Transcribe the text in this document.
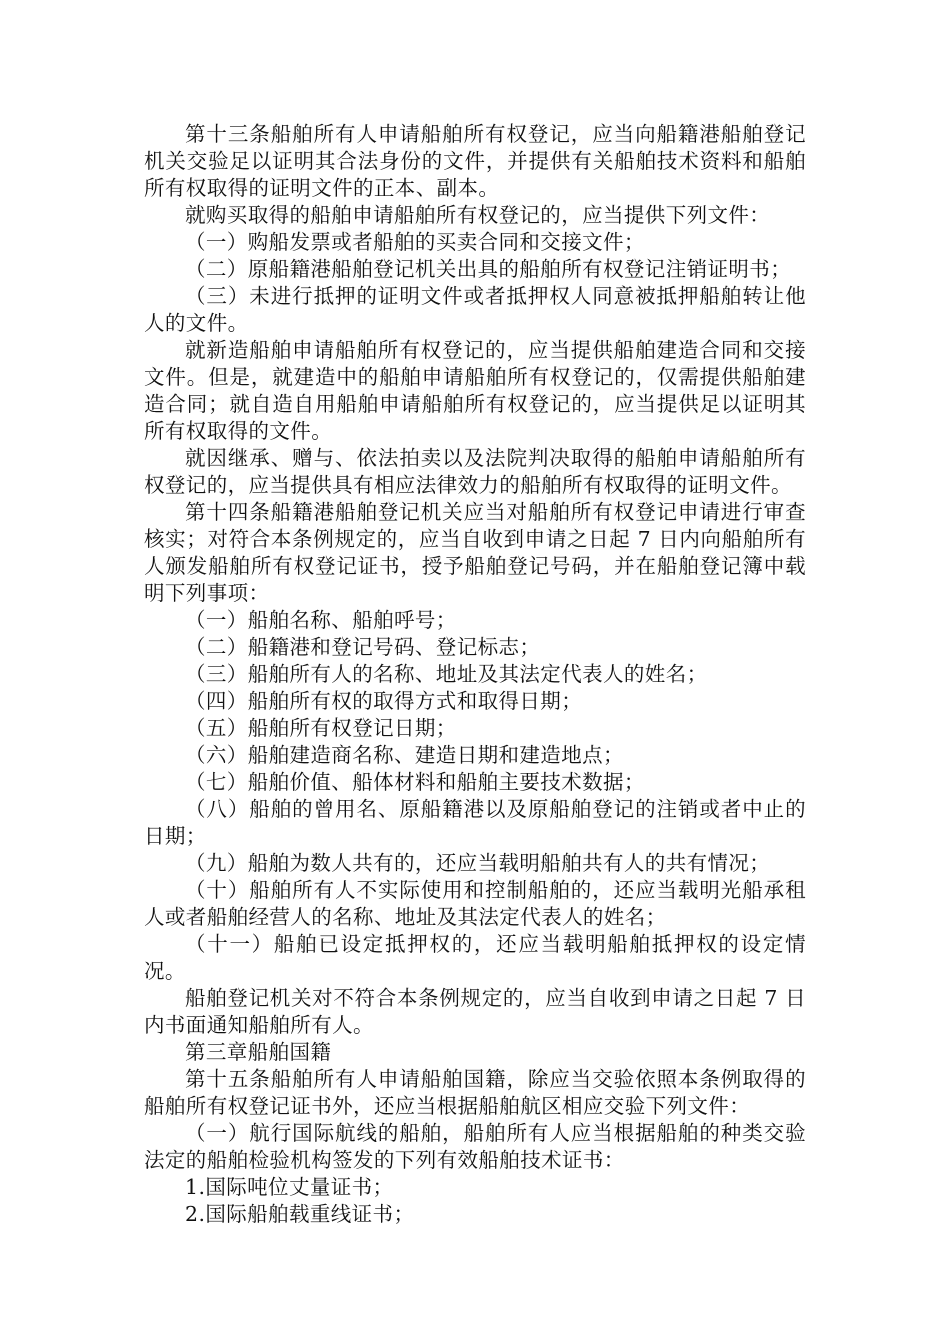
第十三条船舶所有人申请船舶所有权登记，应当向船籍港船舶登记机关交验足以证明其合法身份的文件，并提供有关船舶技术资料和船舶所有权取得的证明文件的正本、副本。

就购买取得的船舶申请船舶所有权登记的，应当提供下列文件：

（一）购船发票或者船舶的买卖合同和交接文件；

（二）原船籍港船舶登记机关出具的船舶所有权登记注销证明书；

（三）未进行抵押的证明文件或者抵押权人同意被抵押船舶转让他人的文件。

就新造船舶申请船舶所有权登记的，应当提供船舶建造合同和交接文件。但是，就建造中的船舶申请船舶所有权登记的，仅需提供船舶建造合同；就自造自用船舶申请船舶所有权登记的，应当提供足以证明其所有权取得的文件。

就因继承、赠与、依法拍卖以及法院判决取得的船舶申请船舶所有权登记的，应当提供具有相应法律效力的船舶所有权取得的证明文件。

第十四条船籍港船舶登记机关应当对船舶所有权登记申请进行审查核实；对符合本条例规定的，应当自收到申请之日起 7 日内向船舶所有人颁发船舶所有权登记证书，授予船舶登记号码，并在船舶登记簿中载明下列事项：

（一）船舶名称、船舶呼号；

（二）船籍港和登记号码、登记标志；

（三）船舶所有人的名称、地址及其法定代表人的姓名；

（四）船舶所有权的取得方式和取得日期；

（五）船舶所有权登记日期；

（六）船舶建造商名称、建造日期和建造地点；

（七）船舶价值、船体材料和船舶主要技术数据；

（八）船舶的曾用名、原船籍港以及原船舶登记的注销或者中止的日期；

（九）船舶为数人共有的，还应当载明船舶共有人的共有情况；

（十）船舶所有人不实际使用和控制船舶的，还应当载明光船承租人或者船舶经营人的名称、地址及其法定代表人的姓名；

（十一）船舶已设定抵押权的，还应当载明船舶抵押权的设定情况。

船舶登记机关对不符合本条例规定的，应当自收到申请之日起 7 日内书面通知船舶所有人。

第三章船舶国籍

第十五条船舶所有人申请船舶国籍，除应当交验依照本条例取得的船舶所有权登记证书外，还应当根据船舶航区相应交验下列文件：

（一）航行国际航线的船舶，船舶所有人应当根据船舶的种类交验法定的船舶检验机构签发的下列有效船舶技术证书：

1.国际吨位丈量证书；

2.国际船舶载重线证书；
